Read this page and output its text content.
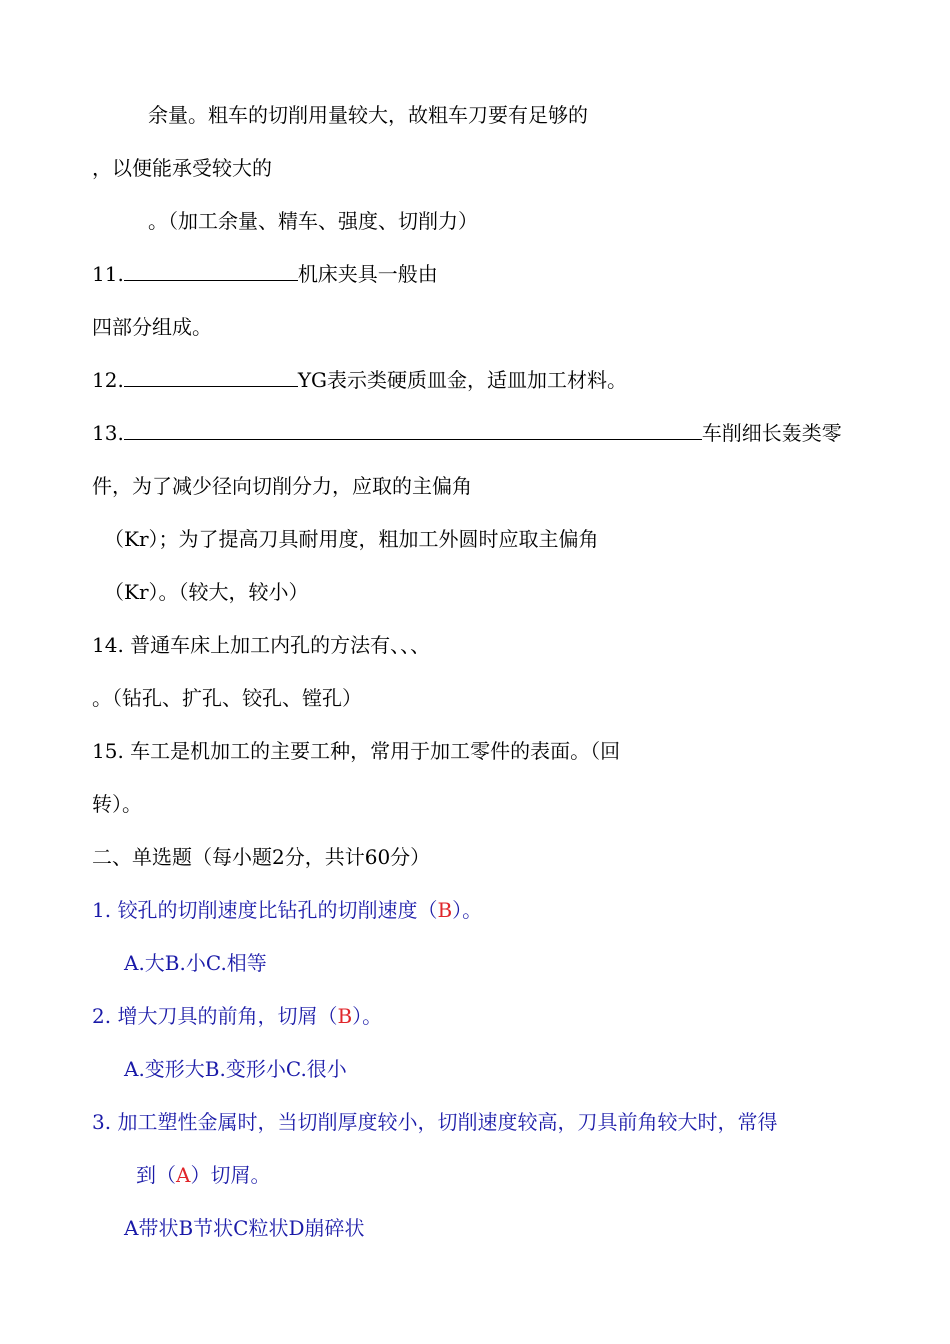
余量。粗车的切削用量较大，故粗车刀要有足够的
，以便能承受较大的
。（加工余量、精车、强度、切削力）
11.	机床夹具一般由
四部分组成。
12.	YG表示类硬质皿金，适皿加工材料。
13.	车削细长轰类零
件，为了减少径向切削分力，应取的主偏角
（Kr）；为了提高刀具耐用度，粗加工外圆时应取主偏角
（Kr）。（较大，较小）
14. 普通车床上加工内孔的方法有、、、
。（钻孔、扩孔、铰孔、镗孔）
15. 车工是机加工的主要工种，常用于加工零件的表面。（回
转）。
二、单选题（每小题2分，共计60分）
1. 铰孔的切削速度比钻孔的切削速度（B）。
A.大B.小C.相等
2. 增大刀具的前角，切屑（B）。
A.变形大B.变形小C.很小
3. 加工塑性金属时，当切削厚度较小，切削速度较高，刀具前角较大时，常得
到（A）切屑。
A带状B节状C粒状D崩碎状
